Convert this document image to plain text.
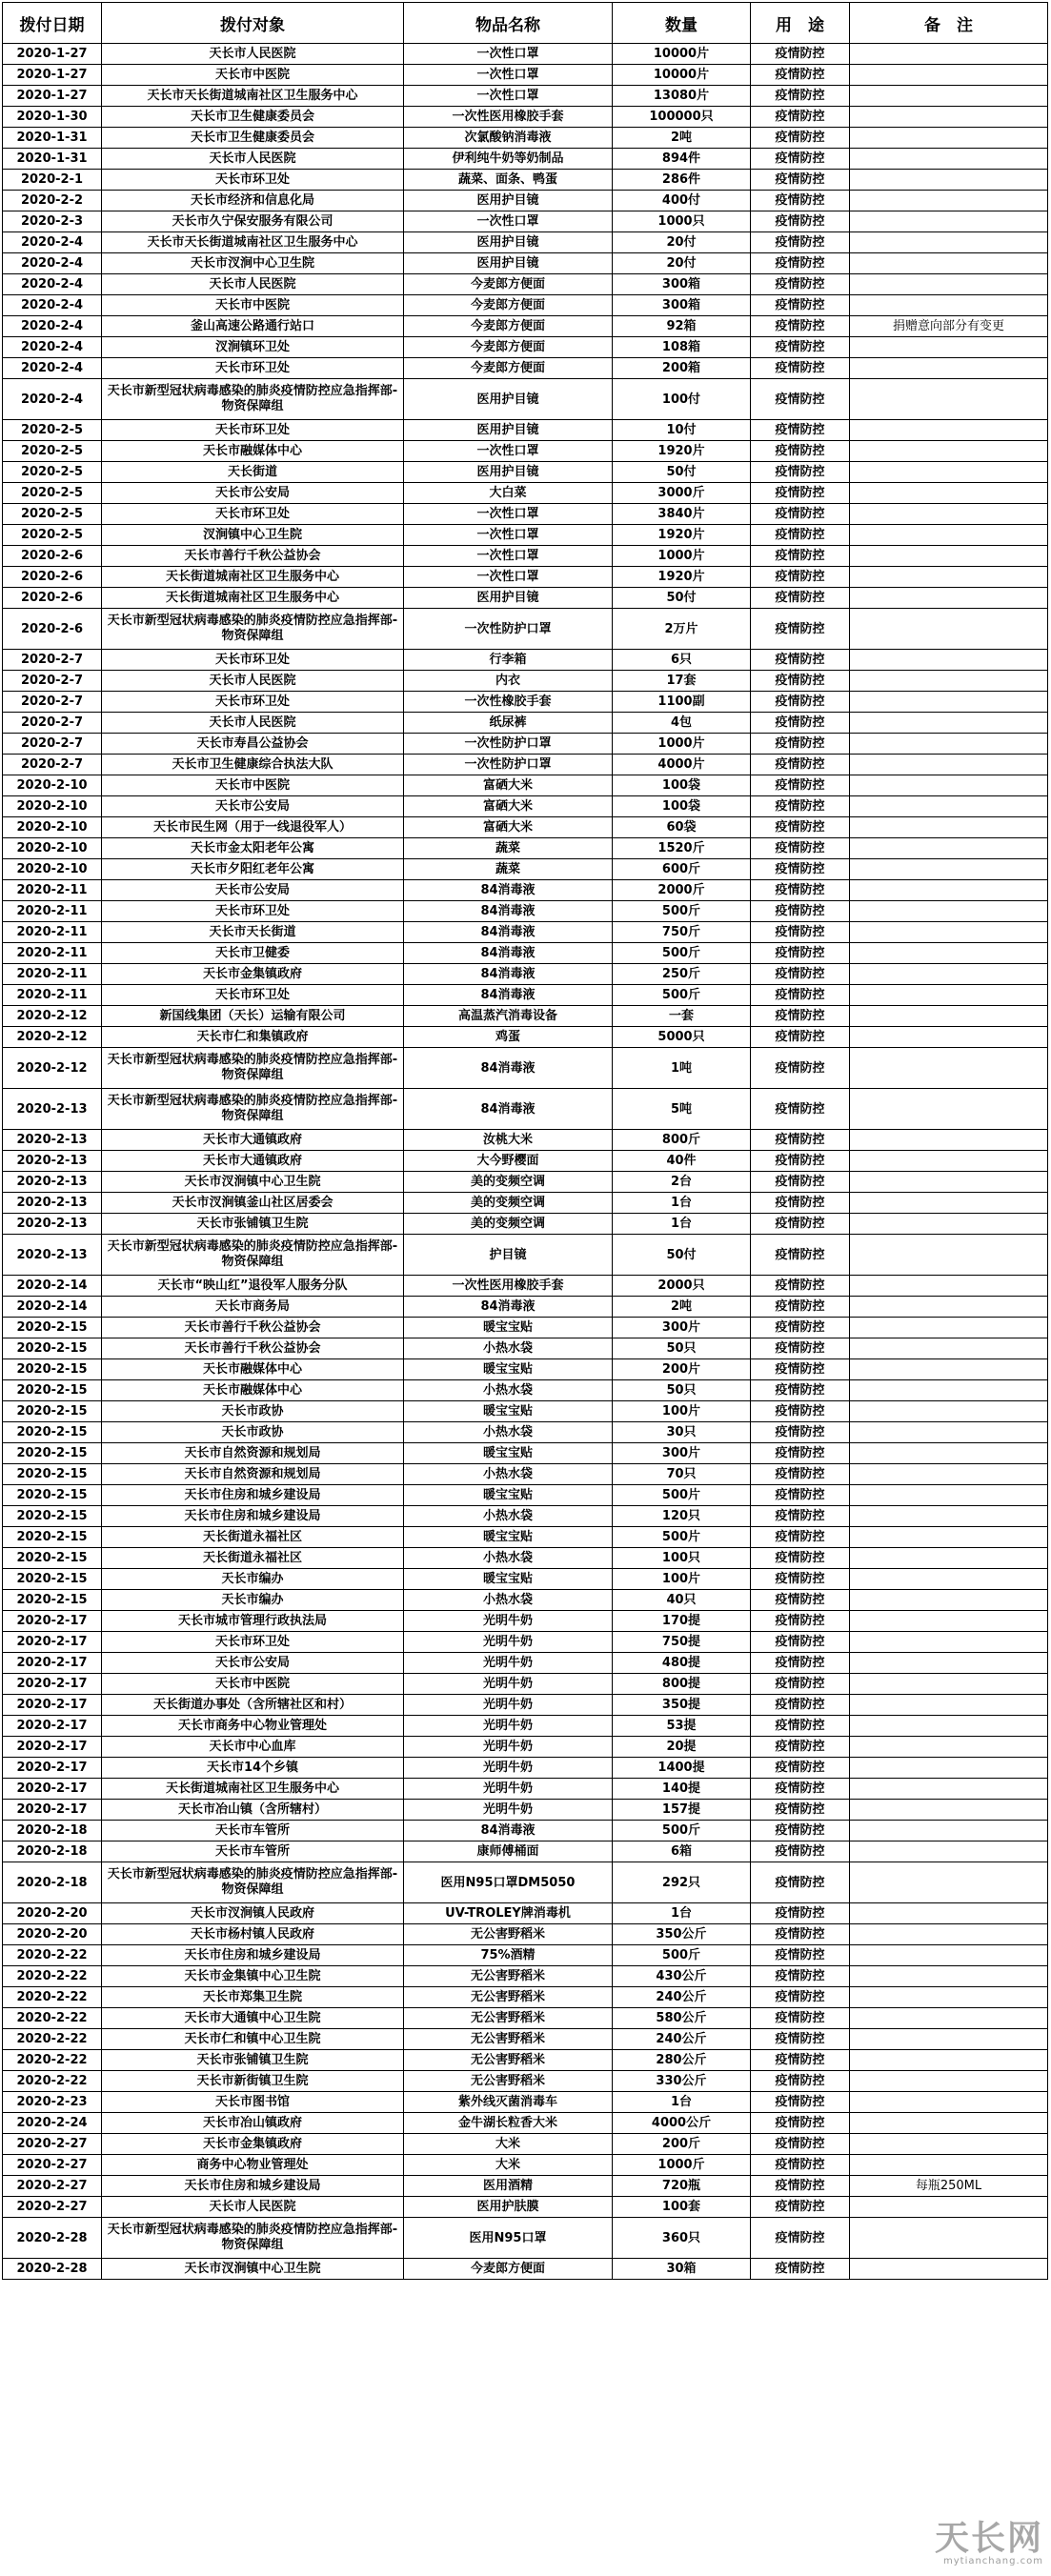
拨付日期	拨付对象	物品名称	数量	用　途	备　注
2020-1-27	天长市人民医院	一次性口罩	10000片	疫情防控	
2020-1-27	天长市中医院	一次性口罩	10000片	疫情防控	
2020-1-27	天长市天长街道城南社区卫生服务中心	一次性口罩	13080片	疫情防控	
2020-1-30	天长市卫生健康委员会	一次性医用橡胶手套	100000只	疫情防控	
2020-1-31	天长市卫生健康委员会	次氯酸钠消毒液	2吨	疫情防控	
2020-1-31	天长市人民医院	伊利纯牛奶等奶制品	894件	疫情防控	
2020-2-1	天长市环卫处	蔬菜、面条、鸭蛋	286件	疫情防控	
2020-2-2	天长市经济和信息化局	医用护目镜	400付	疫情防控	
2020-2-3	天长市久宁保安服务有限公司	一次性口罩	1000只	疫情防控	
2020-2-4	天长市天长街道城南社区卫生服务中心	医用护目镜	20付	疫情防控	
2020-2-4	天长市汊涧中心卫生院	医用护目镜	20付	疫情防控	
2020-2-4	天长市人民医院	今麦郎方便面	300箱	疫情防控	
2020-2-4	天长市中医院	今麦郎方便面	300箱	疫情防控	
2020-2-4	釜山高速公路通行站口	今麦郎方便面	92箱	疫情防控	捐赠意向部分有变更
2020-2-4	汊涧镇环卫处	今麦郎方便面	108箱	疫情防控	
2020-2-4	天长市环卫处	今麦郎方便面	200箱	疫情防控	
2020-2-4	天长市新型冠状病毒感染的肺炎疫情防控应急指挥部-物资保障组	医用护目镜	100付	疫情防控	
2020-2-5	天长市环卫处	医用护目镜	10付	疫情防控	
2020-2-5	天长市融媒体中心	一次性口罩	1920片	疫情防控	
2020-2-5	天长街道	医用护目镜	50付	疫情防控	
2020-2-5	天长市公安局	大白菜	3000斤	疫情防控	
2020-2-5	天长市环卫处	一次性口罩	3840片	疫情防控	
2020-2-5	汊涧镇中心卫生院	一次性口罩	1920片	疫情防控	
2020-2-6	天长市善行千秋公益协会	一次性口罩	1000片	疫情防控	
2020-2-6	天长街道城南社区卫生服务中心	一次性口罩	1920片	疫情防控	
2020-2-6	天长街道城南社区卫生服务中心	医用护目镜	50付	疫情防控	
2020-2-6	天长市新型冠状病毒感染的肺炎疫情防控应急指挥部-物资保障组	一次性防护口罩	2万片	疫情防控	
2020-2-7	天长市环卫处	行李箱	6只	疫情防控	
2020-2-7	天长市人民医院	内衣	17套	疫情防控	
2020-2-7	天长市环卫处	一次性橡胶手套	1100副	疫情防控	
2020-2-7	天长市人民医院	纸尿裤	4包	疫情防控	
2020-2-7	天长市寿昌公益协会	一次性防护口罩	1000片	疫情防控	
2020-2-7	天长市卫生健康综合执法大队	一次性防护口罩	4000片	疫情防控	
2020-2-10	天长市中医院	富硒大米	100袋	疫情防控	
2020-2-10	天长市公安局	富硒大米	100袋	疫情防控	
2020-2-10	天长市民生网（用于一线退役军人）	富硒大米	60袋	疫情防控	
2020-2-10	天长市金太阳老年公寓	蔬菜	1520斤	疫情防控	
2020-2-10	天长市夕阳红老年公寓	蔬菜	600斤	疫情防控	
2020-2-11	天长市公安局	84消毒液	2000斤	疫情防控	
2020-2-11	天长市环卫处	84消毒液	500斤	疫情防控	
2020-2-11	天长市天长街道	84消毒液	750斤	疫情防控	
2020-2-11	天长市卫健委	84消毒液	500斤	疫情防控	
2020-2-11	天长市金集镇政府	84消毒液	250斤	疫情防控	
2020-2-11	天长市环卫处	84消毒液	500斤	疫情防控	
2020-2-12	新国线集团（天长）运输有限公司	高温蒸汽消毒设备	一套	疫情防控	
2020-2-12	天长市仁和集镇政府	鸡蛋	5000只	疫情防控	
2020-2-12	天长市新型冠状病毒感染的肺炎疫情防控应急指挥部-物资保障组	84消毒液	1吨	疫情防控	
2020-2-13	天长市新型冠状病毒感染的肺炎疫情防控应急指挥部-物资保障组	84消毒液	5吨	疫情防控	
2020-2-13	天长市大通镇政府	汝桃大米	800斤	疫情防控	
2020-2-13	天长市大通镇政府	大今野樱面	40件	疫情防控	
2020-2-13	天长市汊涧镇中心卫生院	美的变频空调	2台	疫情防控	
2020-2-13	天长市汊涧镇釜山社区居委会	美的变频空调	1台	疫情防控	
2020-2-13	天长市张铺镇卫生院	美的变频空调	1台	疫情防控	
2020-2-13	天长市新型冠状病毒感染的肺炎疫情防控应急指挥部-物资保障组	护目镜	50付	疫情防控	
2020-2-14	天长市“映山红”退役军人服务分队	一次性医用橡胶手套	2000只	疫情防控	
2020-2-14	天长市商务局	84消毒液	2吨	疫情防控	
2020-2-15	天长市善行千秋公益协会	暖宝宝贴	300片	疫情防控	
2020-2-15	天长市善行千秋公益协会	小热水袋	50只	疫情防控	
2020-2-15	天长市融媒体中心	暖宝宝贴	200片	疫情防控	
2020-2-15	天长市融媒体中心	小热水袋	50只	疫情防控	
2020-2-15	天长市政协	暖宝宝贴	100片	疫情防控	
2020-2-15	天长市政协	小热水袋	30只	疫情防控	
2020-2-15	天长市自然资源和规划局	暖宝宝贴	300片	疫情防控	
2020-2-15	天长市自然资源和规划局	小热水袋	70只	疫情防控	
2020-2-15	天长市住房和城乡建设局	暖宝宝贴	500片	疫情防控	
2020-2-15	天长市住房和城乡建设局	小热水袋	120只	疫情防控	
2020-2-15	天长街道永福社区	暖宝宝贴	500片	疫情防控	
2020-2-15	天长街道永福社区	小热水袋	100只	疫情防控	
2020-2-15	天长市编办	暖宝宝贴	100片	疫情防控	
2020-2-15	天长市编办	小热水袋	40只	疫情防控	
2020-2-17	天长市城市管理行政执法局	光明牛奶	170提	疫情防控	
2020-2-17	天长市环卫处	光明牛奶	750提	疫情防控	
2020-2-17	天长市公安局	光明牛奶	480提	疫情防控	
2020-2-17	天长市中医院	光明牛奶	800提	疫情防控	
2020-2-17	天长街道办事处（含所辖社区和村）	光明牛奶	350提	疫情防控	
2020-2-17	天长市商务中心物业管理处	光明牛奶	53提	疫情防控	
2020-2-17	天长市中心血库	光明牛奶	20提	疫情防控	
2020-2-17	天长市14个乡镇	光明牛奶	1400提	疫情防控	
2020-2-17	天长街道城南社区卫生服务中心	光明牛奶	140提	疫情防控	
2020-2-17	天长市冶山镇（含所辖村）	光明牛奶	157提	疫情防控	
2020-2-18	天长市车管所	84消毒液	500斤	疫情防控	
2020-2-18	天长市车管所	康师傅桶面	6箱	疫情防控	
2020-2-18	天长市新型冠状病毒感染的肺炎疫情防控应急指挥部-物资保障组	医用N95口罩DM5050	292只	疫情防控	
2020-2-20	天长市汊涧镇人民政府	UV-TROLEY牌消毒机	1台	疫情防控	
2020-2-20	天长市杨村镇人民政府	无公害野稻米	350公斤	疫情防控	
2020-2-22	天长市住房和城乡建设局	75%酒精	500斤	疫情防控	
2020-2-22	天长市金集镇中心卫生院	无公害野稻米	430公斤	疫情防控	
2020-2-22	天长市郑集卫生院	无公害野稻米	240公斤	疫情防控	
2020-2-22	天长市大通镇中心卫生院	无公害野稻米	580公斤	疫情防控	
2020-2-22	天长市仁和镇中心卫生院	无公害野稻米	240公斤	疫情防控	
2020-2-22	天长市张铺镇卫生院	无公害野稻米	280公斤	疫情防控	
2020-2-22	天长市新街镇卫生院	无公害野稻米	330公斤	疫情防控	
2020-2-23	天长市图书馆	紫外线灭菌消毒车	1台	疫情防控	
2020-2-24	天长市冶山镇政府	金牛湖长粒香大米	4000公斤	疫情防控	
2020-2-27	天长市金集镇政府	大米	200斤	疫情防控	
2020-2-27	商务中心物业管理处	大米	1000斤	疫情防控	
2020-2-27	天长市住房和城乡建设局	医用酒精	720瓶	疫情防控	每瓶250ML
2020-2-27	天长市人民医院	医用护肤膜	100套	疫情防控	
2020-2-28	天长市新型冠状病毒感染的肺炎疫情防控应急指挥部-物资保障组	医用N95口罩	360只	疫情防控	
2020-2-28	天长市汊涧镇中心卫生院	今麦郎方便面	30箱	疫情防控	
天长网
mytianchang.com
